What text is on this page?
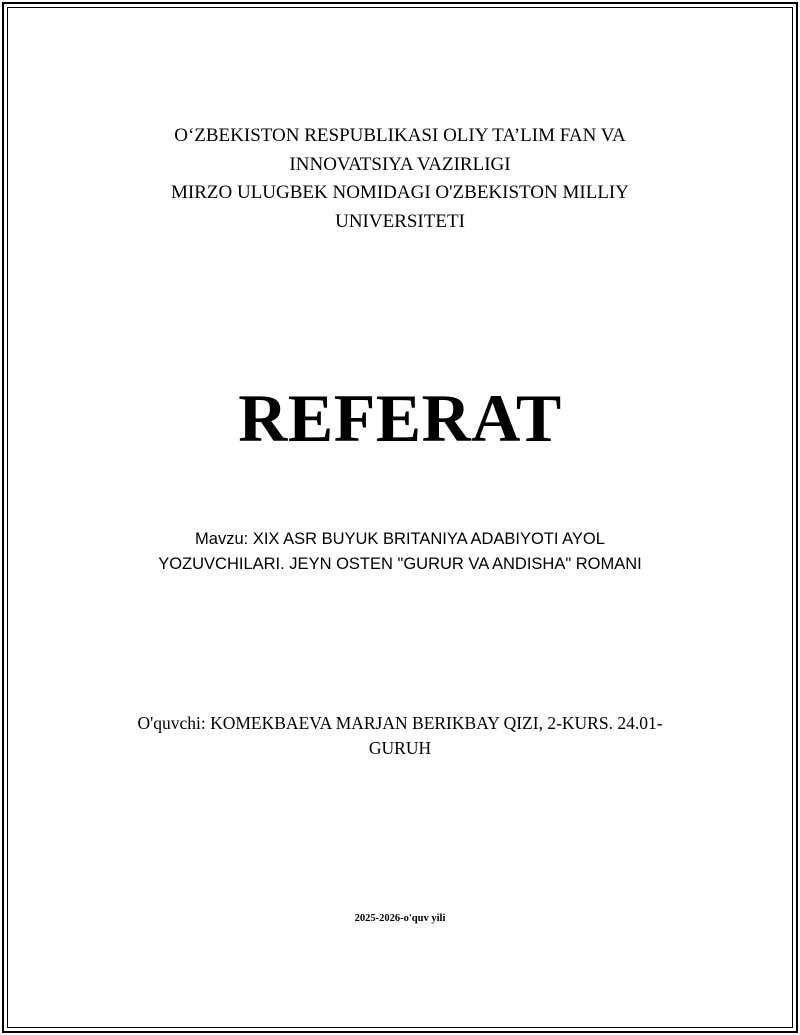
O‘ZBEKISTON RESPUBLIKASI OLIY TA’LIM FAN VA
INNOVATSIYA VAZIRLIGI
MIRZO ULUGBEK NOMIDAGI O'ZBEKISTON MILLIY
UNIVERSITETI
REFERAT
Mavzu: XIX ASR BUYUK BRITANIYA ADABIYOTI AYOL
YOZUVCHILARI. JEYN OSTEN "GURUR VA ANDISHA" ROMANI
O'quvchi: KOMEKBAEVA MARJAN BERIKBAY QIZI, 2-KURS. 24.01-
GURUH
2025-2026-o'quv yili
